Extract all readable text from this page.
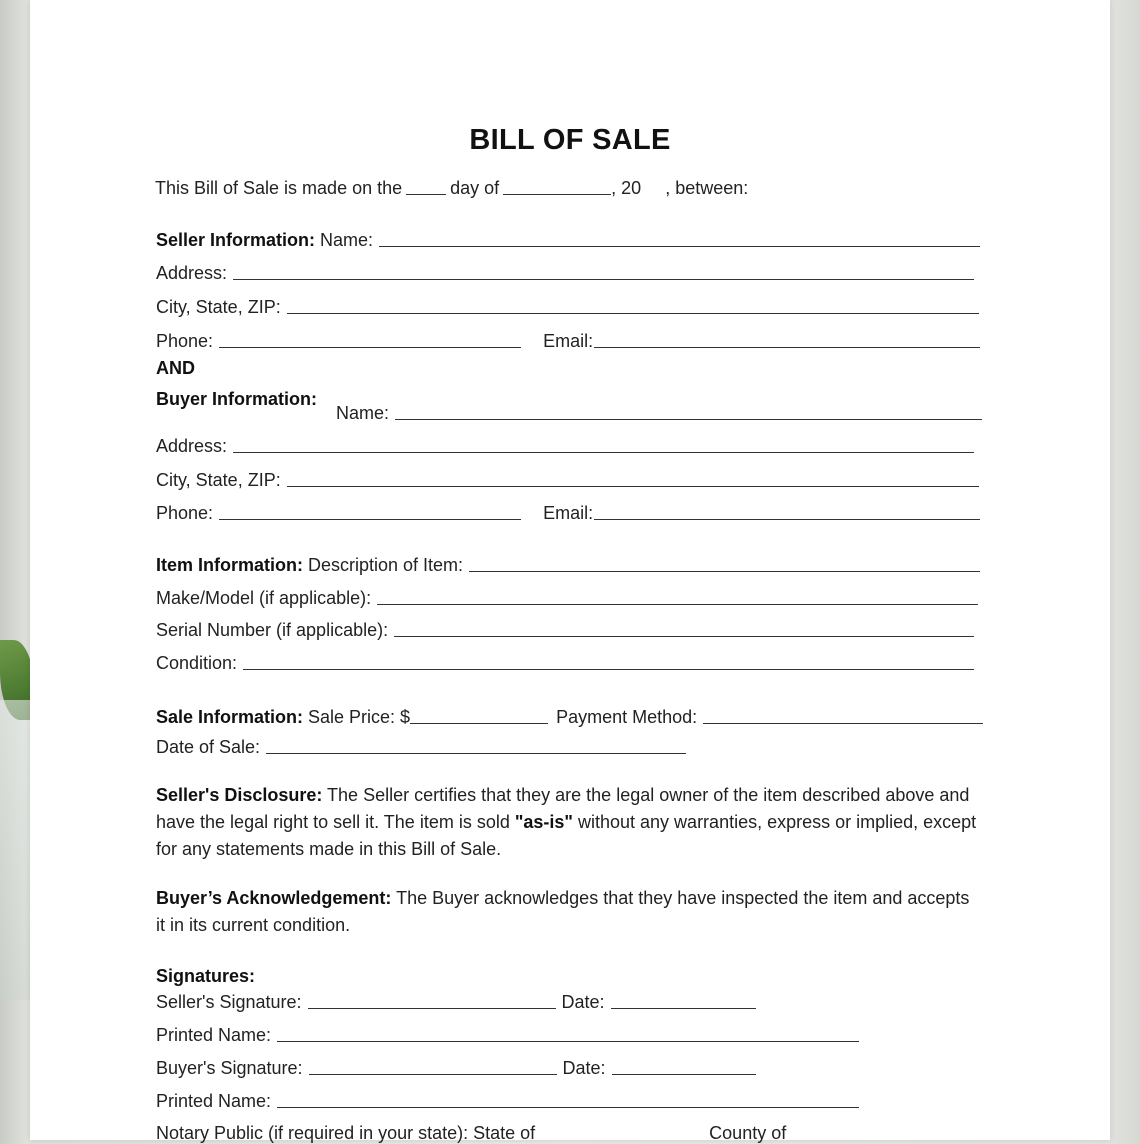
BILL OF SALE
This Bill of Sale is made on the	day of	, 20 , between:
Seller Information: Name:
Address:
City, State, ZIP:
Phone:	Email:
AND
Buyer Information:
Name:
Address:
City, State, ZIP:
Phone:	Email:
Item Information: Description of Item:
Make/Model (if applicable):
Serial Number (if applicable):
Condition:
Sale Information: Sale Price: $	Payment Method:
Date of Sale:

Seller's Disclosure: The Seller certifies that they are the legal owner of the item described above and have the legal right to sell it. The item is sold "as-is" without any warranties, express or implied, except for any statements made in this Bill of Sale.

Buyer’s Acknowledgement: The Buyer acknowledges that they have inspected the item and accepts it in its current condition.

Signatures:
Seller's Signature:	Date:
Printed Name:
Buyer's Signature:	Date:
Printed Name:
Notary Public (if required in your state): State of	County of
